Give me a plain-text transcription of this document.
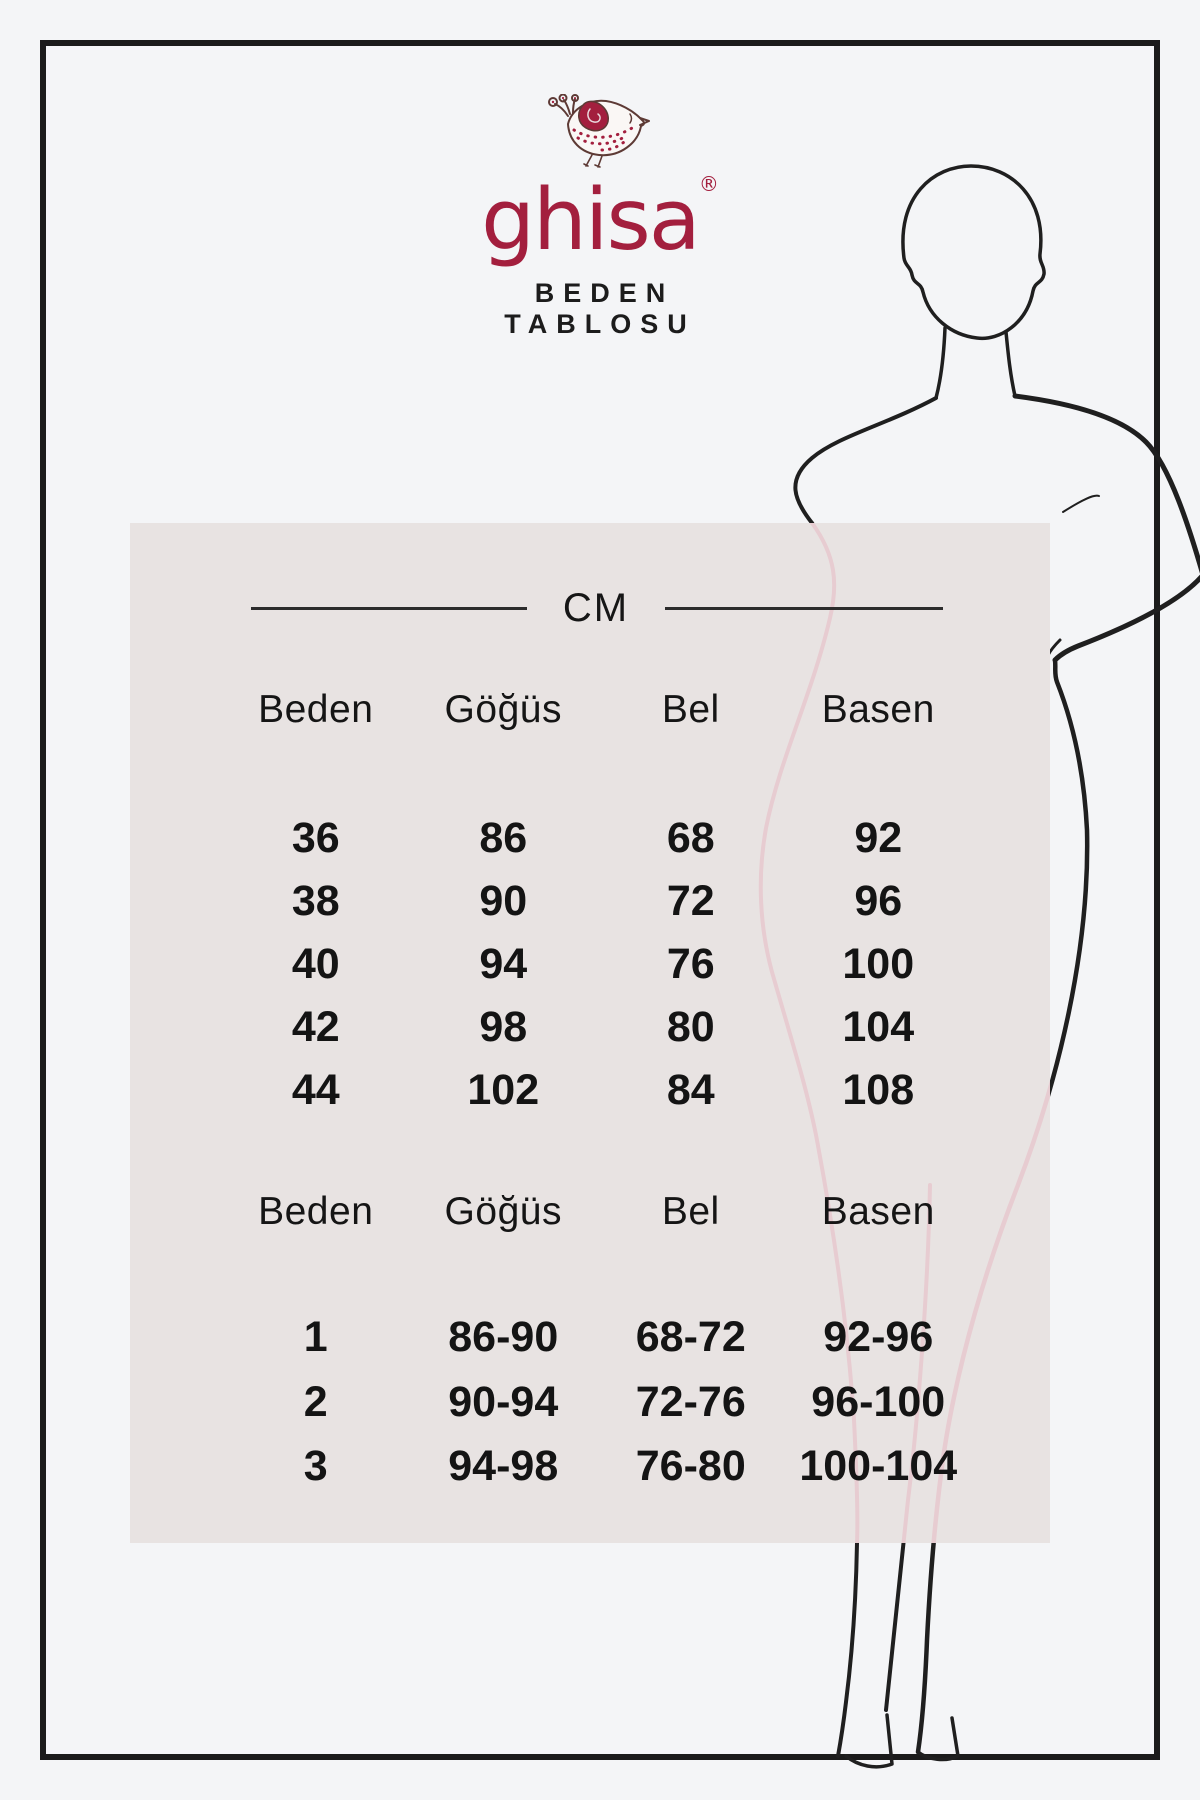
ghisa®
BEDEN TABLOSU
CM
Beden	Göğüs	Bel	Basen
36	86	68	92
38	90	72	96
40	94	76	100
42	98	80	104
44	102	84	108
Beden	Göğüs	Bel	Basen
1	86-90	68-72	92-96
2	90-94	72-76	96-100
3	94-98	76-80	100-104
